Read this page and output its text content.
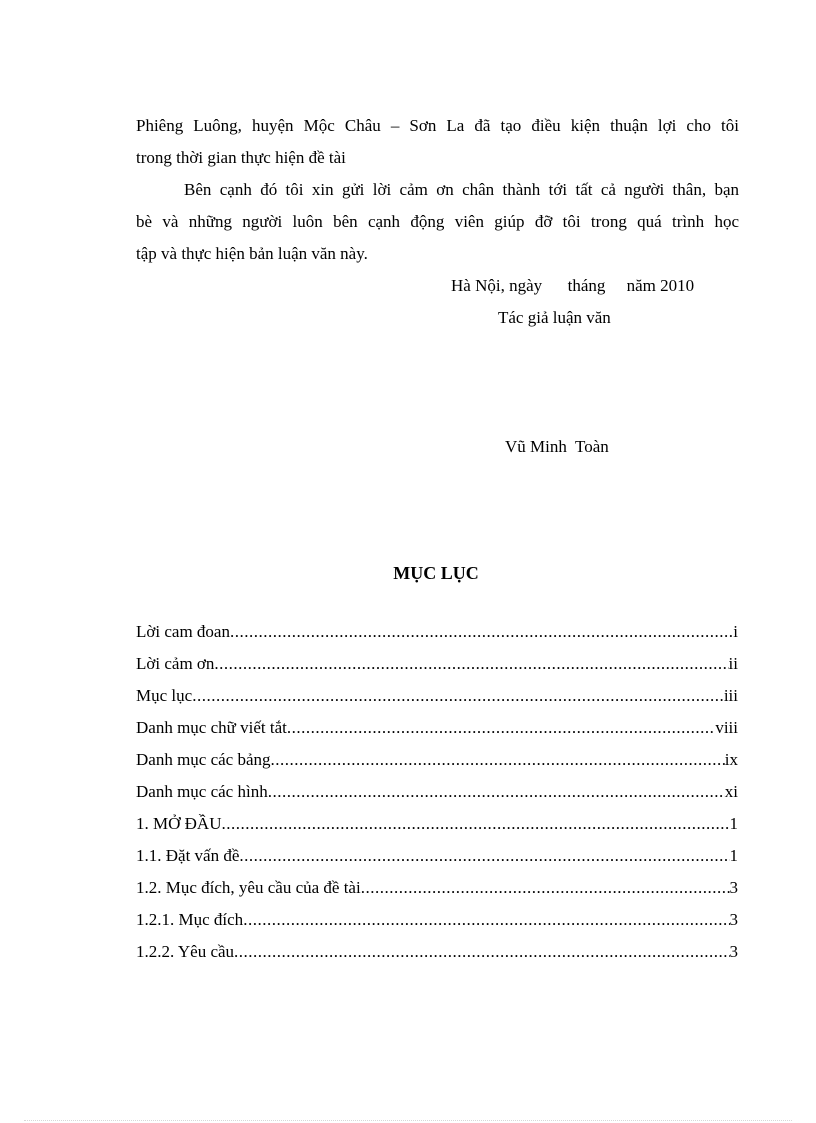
Phiêng Luông, huyện Mộc Châu – Sơn La đã tạo điều kiện thuận lợi cho tôi
trong thời gian thực hiện đề tài
Bên cạnh đó tôi xin gửi lời cảm ơn chân thành tới tất cả người thân, bạn
bè và những người luôn bên cạnh động viên giúp đỡ tôi trong quá trình học
tập và thực hiện bản luận văn này.
Hà Nội, ngày      tháng     năm 2010
Tác giả luận văn
Vũ Minh  Toàn
MỤC LỤC
Lời cam đoan .....	i
Lời cảm ơn .....	ii
Mục lục .....	iii
Danh mục chữ viết tắt .....	viii
Danh mục các bảng .....	ix
Danh mục các hình .....	xi
1. MỞ ĐẦU .....	1
1.1. Đặt vấn đề .....	1
1.2. Mục đích, yêu cầu của đề tài .....	3
1.2.1. Mục đích .....	3
1.2.2. Yêu cầu .....	3
